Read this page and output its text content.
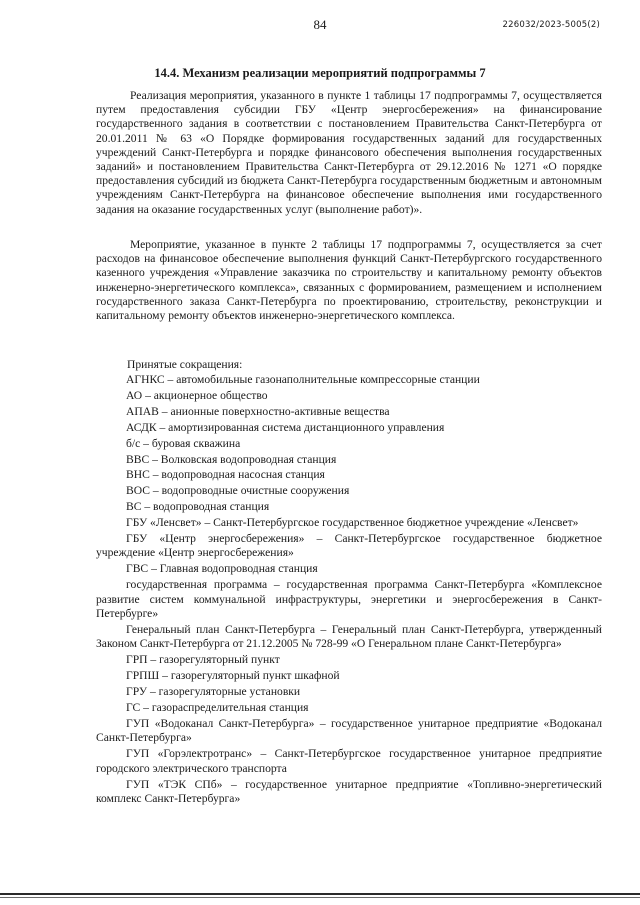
84	226032/2023-5005(2)
14.4. Механизм реализации мероприятий подпрограммы 7

Реализация мероприятия, указанного в пункте 1 таблицы 17 подпрограммы 7, осуществляется путем предоставления субсидии ГБУ «Центр энергосбережения» на финансирование государственного задания в соответствии с постановлением Правительства Санкт-Петербурга от 20.01.2011 № 63 «О Порядке формирования государственных заданий для государственных учреждений Санкт-Петербурга и порядке финансового обеспечения выполнения государственных заданий» и постановлением Правительства Санкт-Петербурга от 29.12.2016 № 1271 «О порядке предоставления субсидий из бюджета Санкт-Петербурга государственным бюджетным и автономным учреждениям Санкт-Петербурга на финансовое обеспечение выполнения ими государственного задания на оказание государственных услуг (выполнение работ)».

Мероприятие, указанное в пункте 2 таблицы 17 подпрограммы 7, осуществляется за счет расходов на финансовое обеспечение выполнения функций Санкт-Петербургского государственного казенного учреждения «Управление заказчика по строительству и капитальному ремонту объектов инженерно-энергетического комплекса», связанных с формированием, размещением и исполнением государственного заказа Санкт-Петербурга по проектированию, строительству, реконструкции и капитальному ремонту объектов инженерно-энергетического комплекса.

Принятые сокращения:
АГНКС – автомобильные газонаполнительные компрессорные станции
АО – акционерное общество
АПАВ – анионные поверхностно-активные вещества
АСДК – амортизированная система дистанционного управления
б/с – буровая скважина
ВВС – Волковская водопроводная станция
ВНС – водопроводная насосная станция
ВОС – водопроводные очистные сооружения
ВС – водопроводная станция
ГБУ «Ленсвет» – Санкт-Петербургское государственное бюджетное учреждение «Ленсвет»
ГБУ «Центр энергосбережения» – Санкт-Петербургское государственное бюджетное учреждение «Центр энергосбережения»
ГВС – Главная водопроводная станция
государственная программа – государственная программа Санкт-Петербурга «Комплексное развитие систем коммунальной инфраструктуры, энергетики и энергосбережения в Санкт-Петербурге»
Генеральный план Санкт-Петербурга – Генеральный план Санкт-Петербурга, утвержденный Законом Санкт-Петербурга от 21.12.2005 № 728-99 «О Генеральном плане Санкт-Петербурга»
ГРП – газорегуляторный пункт
ГРПШ – газорегуляторный пункт шкафной
ГРУ – газорегуляторные установки
ГС – газораспределительная станция
ГУП «Водоканал Санкт-Петербурга» – государственное унитарное предприятие «Водоканал Санкт-Петербурга»
ГУП «Горэлектротранс» – Санкт-Петербургское государственное унитарное предприятие городского электрического транспорта
ГУП «ТЭК СПб» – государственное унитарное предприятие «Топливно-энергетический комплекс Санкт-Петербурга»
